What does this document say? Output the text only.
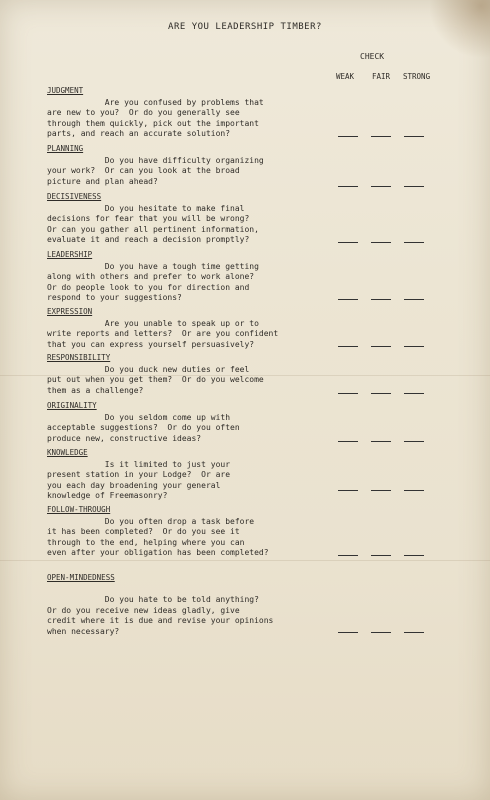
ARE YOU LEADERSHIP TIMBER?
CHECK
WEAK FAIR STRONG
JUDGMENT

Are you confused by problems that
are new to you?  Or do you generally see
through them quickly, pick out the important
parts, and reach an accurate solution?

PLANNING

Do you have difficulty organizing
your work?  Or can you look at the broad
picture and plan ahead?

DECISIVENESS

Do you hesitate to make final
decisions for fear that you will be wrong?
Or can you gather all pertinent information,
evaluate it and reach a decision promptly?

LEADERSHIP

Do you have a tough time getting
along with others and prefer to work alone?
Or do people look to you for direction and
respond to your suggestions?

EXPRESSION

Are you unable to speak up or to
write reports and letters?  Or are you confident
that you can express yourself persuasively?

RESPONSIBILITY

Do you duck new duties or feel
put out when you get them?  Or do you welcome
them as a challenge?

ORIGINALITY

Do you seldom come up with
acceptable suggestions?  Or do you often
produce new, constructive ideas?

KNOWLEDGE

Is it limited to just your
present station in your Lodge?  Or are
you each day broadening your general
knowledge of Freemasonry?

FOLLOW-THROUGH

Do you often drop a task before
it has been completed?  Or do you see it
through to the end, helping where you can
even after your obligation has been completed?

OPEN-MINDEDNESS

Do you hate to be told anything?
Or do you receive new ideas gladly, give
credit where it is due and revise your opinions
when necessary?
